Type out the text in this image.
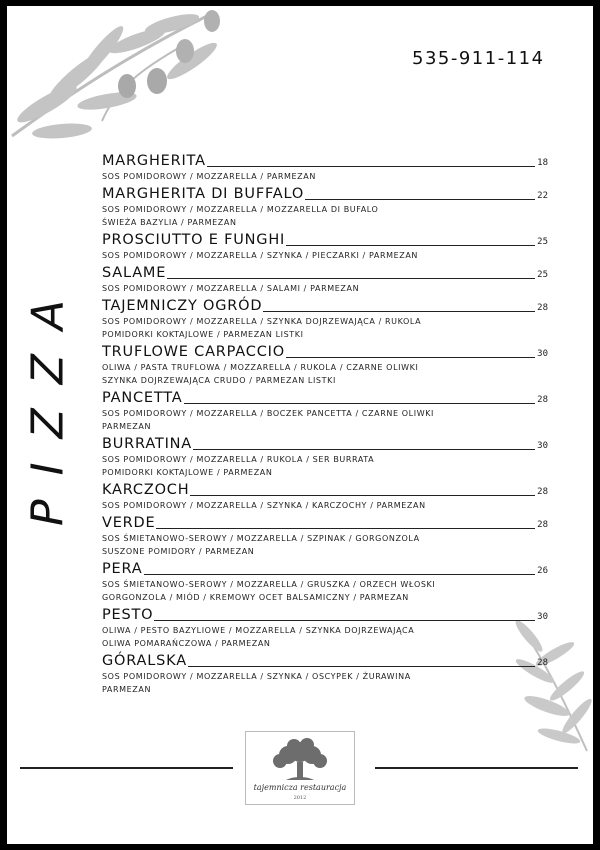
535-911-114
PIZZA
MARGHERITA	18
SOS POMIDOROWY / MOZZARELLA / PARMEZAN
MARGHERITA DI BUFFALO	22
SOS POMIDOROWY / MOZZARELLA / MOZZARELLA DI BUFALO
ŚWIEŻA BAZYLIA / PARMEZAN
PROSCIUTTO E FUNGHI	25
SOS POMIDOROWY / MOZZARELLA / SZYNKA / PIECZARKI / PARMEZAN
SALAME	25
SOS POMIDOROWY / MOZZARELLA / SALAMI / PARMEZAN
TAJEMNICZY OGRÓD	28
SOS POMIDOROWY / MOZZARELLA / SZYNKA DOJRZEWAJĄCA / RUKOLA
POMIDORKI KOKTAJLOWE / PARMEZAN LISTKI
TRUFLOWE CARPACCIO	30
OLIWA / PASTA TRUFLOWA / MOZZARELLA / RUKOLA / CZARNE OLIWKI
SZYNKA DOJRZEWAJĄCA CRUDO / PARMEZAN LISTKI
PANCETTA	28
SOS POMIDOROWY / MOZZARELLA / BOCZEK PANCETTA / CZARNE OLIWKI
PARMEZAN
BURRATINA	30
SOS POMIDOROWY / MOZZARELLA / RUKOLA / SER BURRATA
POMIDORKI KOKTAJLOWE / PARMEZAN
KARCZOCH	28
SOS POMIDOROWY / MOZZARELLA / SZYNKA / KARCZOCHY / PARMEZAN
VERDE	28
SOS ŚMIETANOWO-SEROWY / MOZZARELLA / SZPINAK / GORGONZOLA
SUSZONE POMIDORY / PARMEZAN
PERA	26
SOS ŚMIETANOWO-SEROWY / MOZZARELLA / GRUSZKA / ORZECH WŁOSKI
GORGONZOLA / MIÓD / KREMOWY OCET BALSAMICZNY / PARMEZAN
PESTO	30
OLIWA / PESTO BAZYLIOWE / MOZZARELLA / SZYNKA DOJRZEWAJĄCA
OLIWA POMARAŃCZOWA / PARMEZAN
GÓRALSKA	28
SOS POMIDOROWY / MOZZARELLA / SZYNKA / OSCYPEK / ŻURAWINA
PARMEZAN
tajemnicza restauracja
2012
